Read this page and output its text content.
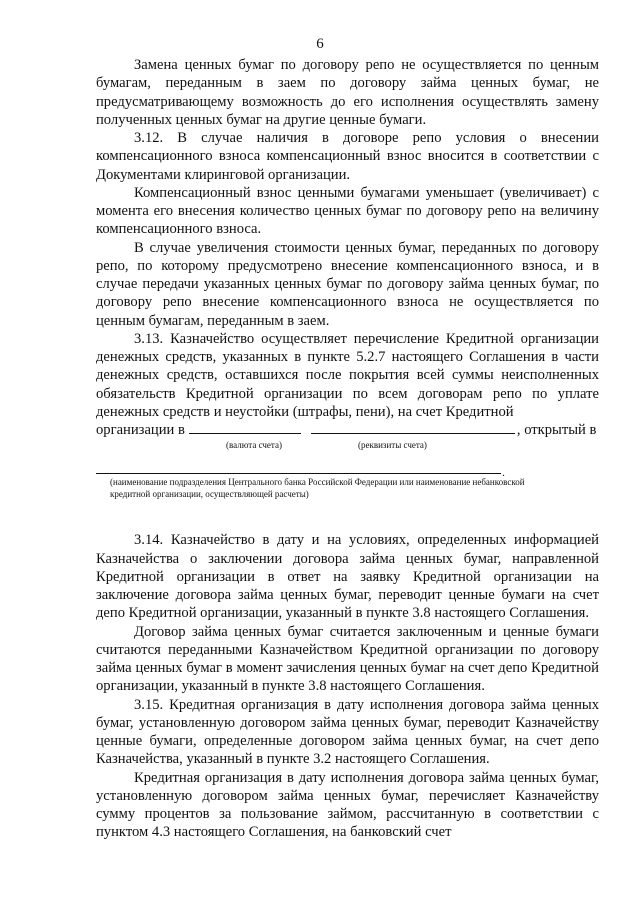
6

Замена ценных бумаг по договору репо не осуществляется по ценным бумагам, переданным в заем по договору займа ценных бумаг, не предусматривающему возможность до его исполнения осуществлять замену полученных ценных бумаг на другие ценные бумаги.

3.12. В случае наличия в договоре репо условия о внесении компенсационного взноса компенсационный взнос вносится в соответствии с Документами клиринговой организации.

Компенсационный взнос ценными бумагами уменьшает (увеличивает) с момента его внесения количество ценных бумаг по договору репо на величину компенсационного взноса.

В случае увеличения стоимости ценных бумаг, переданных по договору репо, по которому предусмотрено внесение компенсационного взноса, и в случае передачи указанных ценных бумаг по договору займа ценных бумаг, по договору репо внесение компенсационного взноса не осуществляется по ценным бумагам, переданным в заем.

3.13. Казначейство осуществляет перечисление Кредитной организации денежных средств, указанных в пункте 5.2.7 настоящего Соглашения в части денежных средств, оставшихся после покрытия всей суммы неисполненных обязательств Кредитной организации по всем договорам репо по уплате денежных средств и неустойки (штрафы, пени), на счет Кредитной

организации в	, открытый в
(валюта счета)	(реквизиты счета)
.
(наименование подразделения Центрального банка Российской Федерации или наименование небанковской кредитной организации, осуществляющей расчеты)

3.14. Казначейство в дату и на условиях, определенных информацией Казначейства о заключении договора займа ценных бумаг, направленной Кредитной организации в ответ на заявку Кредитной организации на заключение договора займа ценных бумаг, переводит ценные бумаги на счет депо Кредитной организации, указанный в пункте 3.8 настоящего Соглашения.

Договор займа ценных бумаг считается заключенным и ценные бумаги считаются переданными Казначейством Кредитной организации по договору займа ценных бумаг в момент зачисления ценных бумаг на счет депо Кредитной организации, указанный в пункте 3.8 настоящего Соглашения.

3.15. Кредитная организация в дату исполнения договора займа ценных бумаг, установленную договором займа ценных бумаг, переводит Казначейству ценные бумаги, определенные договором займа ценных бумаг, на счет депо Казначейства, указанный в пункте 3.2 настоящего Соглашения.

Кредитная организация в дату исполнения договора займа ценных бумаг, установленную договором займа ценных бумаг, перечисляет Казначейству сумму процентов за пользование займом, рассчитанную в соответствии с пунктом 4.3 настоящего Соглашения, на банковский счет
